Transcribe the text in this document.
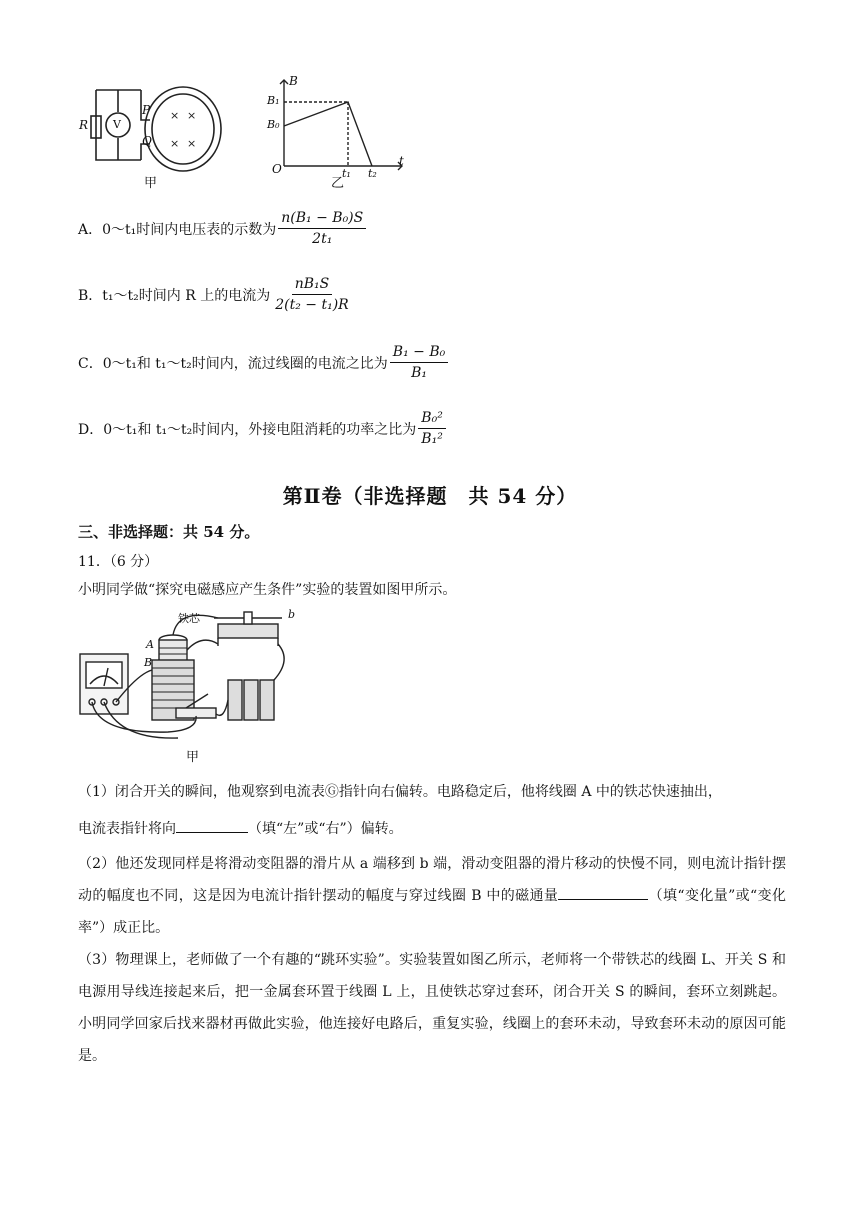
× ×
× ×
R V
P
Q
甲
B
B₁
B₀
O	t₁ t₂
t
乙
A．0～t₁时间内电压表的示数为 $\frac{\text{n(B₁ − B₀)S}}{\text{2t₁}}$
B．t₁～t₂时间内 R 上的电流为 $\frac{\text{nB₁S}}{\text{2(t₂ − t₁)R}}$
C．0～t₁和 t₁～t₂时间内，流过线圈的电流之比为 $\frac{\text{B₁ − B₀}}{\text{B₁}}$
D．0～t₁和 t₁～t₂时间内，外接电阻消耗的功率之比为 $\frac{\text{B₀²}}{\text{B₁²}}$
第Ⅱ卷（非选择题　共 54 分）
三、非选择题：共 54 分。
11．（6 分）
小明同学做“探究电磁感应产生条件”实验的装置如图甲所示。
铁芯
A
B
b
甲
（1）闭合开关的瞬间，他观察到电流表Ⓖ指针向右偏转。电路稳定后，他将线圈 A 中的铁芯快速抽出，
电流表指针将向	（填“左”或“右”）偏转。
（2）他还发现同样是将滑动变阻器的滑片从 a 端移到 b 端，滑动变阻器的滑片移动的快慢不同，则电流计指针摆动的幅度也不同，这是因为电流计指针摆动的幅度与穿过线圈 B 中的磁通量	（填“变化量”或“变化率”）成正比。
（3）物理课上，老师做了一个有趣的“跳环实验”。实验装置如图乙所示，老师将一个带铁芯的线圈 L、开关 S 和电源用导线连接起来后，把一金属套环置于线圈 L 上，且使铁芯穿过套环，闭合开关 S 的瞬间，套环立刻跳起。小明同学回家后找来器材再做此实验，他连接好电路后，重复实验，线圈上的套环未动，导致套环未动的原因可能是。
